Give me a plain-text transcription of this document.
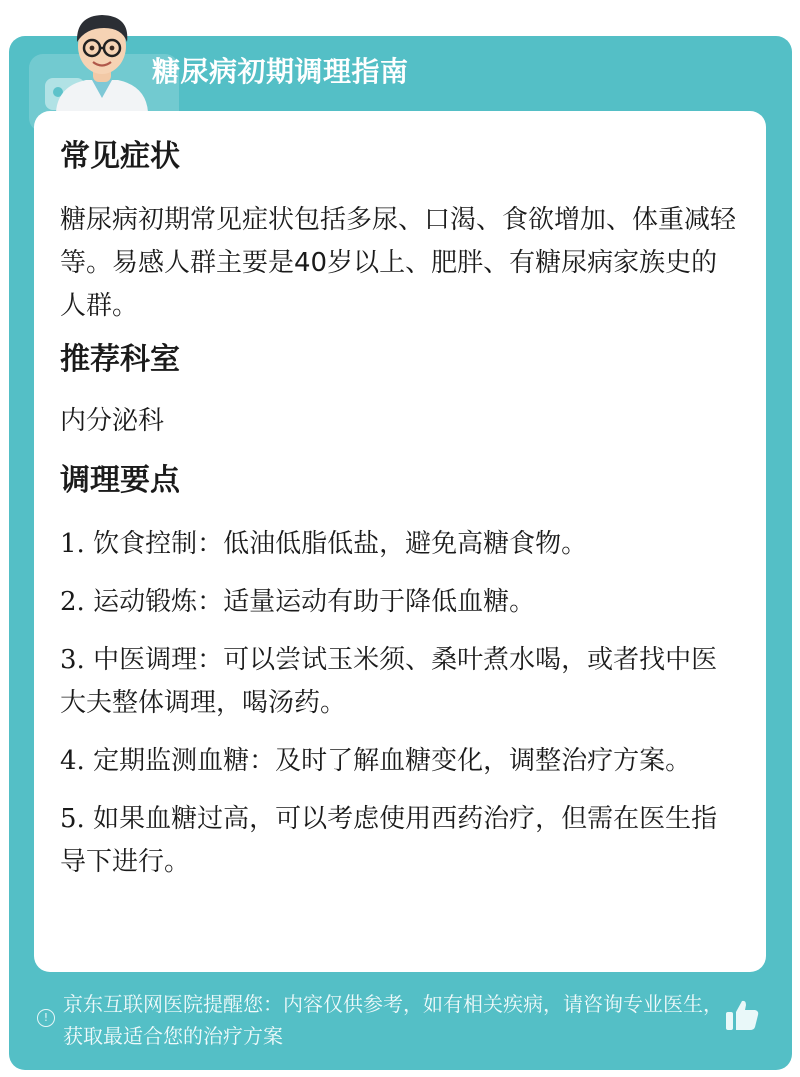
糖尿病初期调理指南
常见症状

糖尿病初期常见症状包括多尿、口渴、食欲增加、体重减轻等。易感人群主要是40岁以上、肥胖、有糖尿病家族史的人群。

推荐科室

内分泌科

调理要点

1. 饮食控制：低油低脂低盐，避免高糖食物。

2. 运动锻炼：适量运动有助于降低血糖。

3. 中医调理：可以尝试玉米须、桑叶煮水喝，或者找中医大夫整体调理，喝汤药。

4. 定期监测血糖：及时了解血糖变化，调整治疗方案。

5. 如果血糖过高，可以考虑使用西药治疗，但需在医生指导下进行。

!
京东互联网医院提醒您：内容仅供参考，如有相关疾病，请咨询专业医生，获取最适合您的治疗方案
